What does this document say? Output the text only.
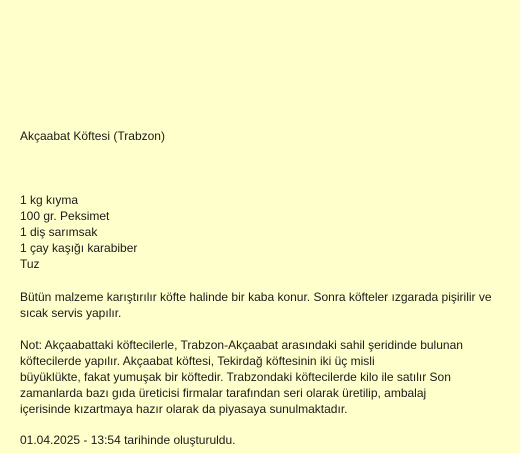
Akçaabat Köftesi (Trabzon)
1 kg kıyma
100 gr. Peksimet
1 diş sarımsak
1 çay kaşığı karabiber
Tuz

Bütün malzeme karıştırılır köfte halinde bir kaba konur. Sonra köfteler ızgarada pişirilir ve sıcak servis yapılır.

Not: Akçaabattaki köftecilerle, Trabzon-Akçaabat arasındaki sahil şeridinde bulunan
köftecilerde yapılır. Akçaabat köftesi, Tekirdağ köftesinin iki üç misli
büyüklükte, fakat yumuşak bir köftedir. Trabzondaki köftecilerde kilo ile satılır Son
zamanlarda bazı gıda üreticisi firmalar tarafından seri olarak üretilip, ambalaj
içerisinde kızartmaya hazır olarak da piyasaya sunulmaktadır.

01.04.2025 - 13:54 tarihinde oluşturuldu.
